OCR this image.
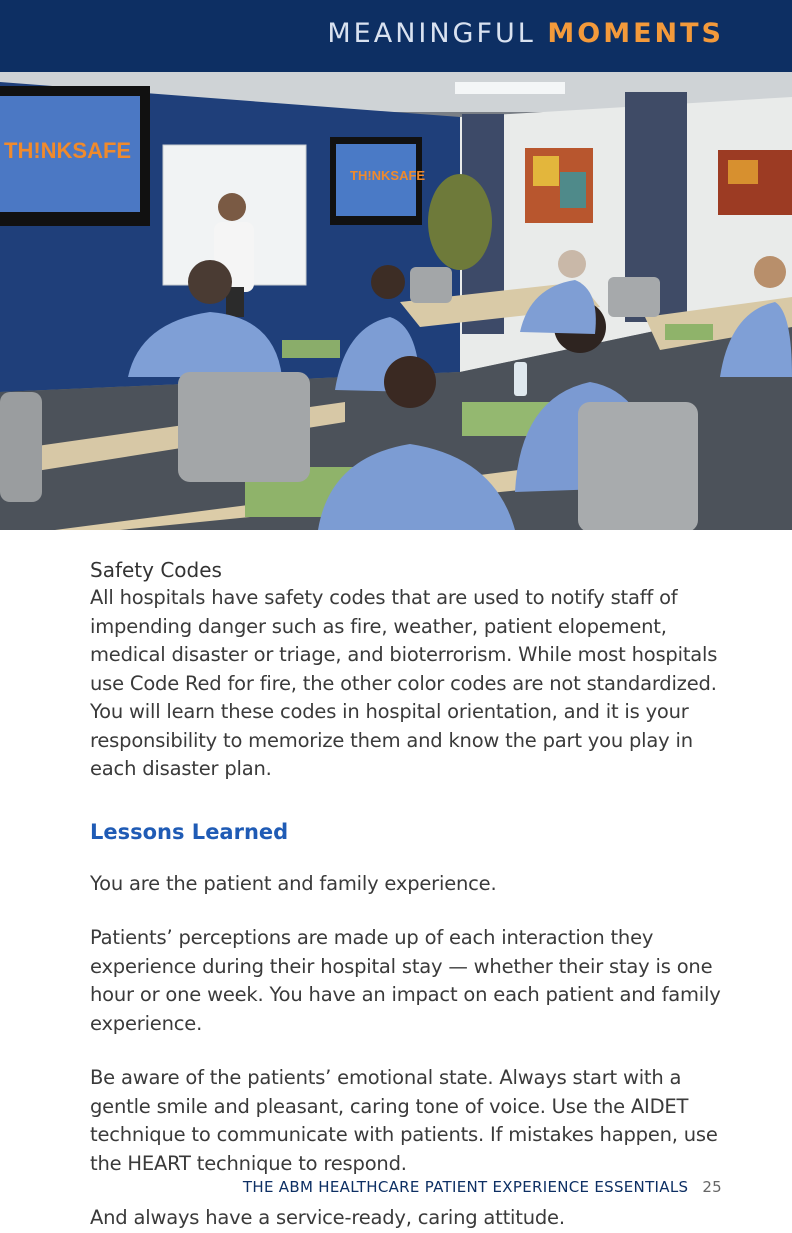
MEANINGFUL MOMENTS
TH!NKSAFE
TH!NKSAFE

Safety Codes

All hospitals have safety codes that are used to notify staff of impending danger such as fire, weather, patient elopement, medical disaster or triage, and bioterrorism. While most hospitals use Code Red for fire, the other color codes are not standardized. You will learn these codes in hospital orientation, and it is your responsibility to memorize them and know the part you play in each disaster plan.

Lessons Learned

You are the patient and family experience.

Patients’ perceptions are made up of each interaction they experience during their hospital stay — whether their stay is one hour or one week. You have an impact on each patient and family experience.

Be aware of the patients’ emotional state. Always start with a gentle smile and pleasant, caring tone of voice. Use the AIDET technique to communicate with patients. If mistakes happen, use the HEART technique to respond.

And always have a service-ready, caring attitude.

THE ABM HEALTHCARE PATIENT EXPERIENCE ESSENTIALS 25
